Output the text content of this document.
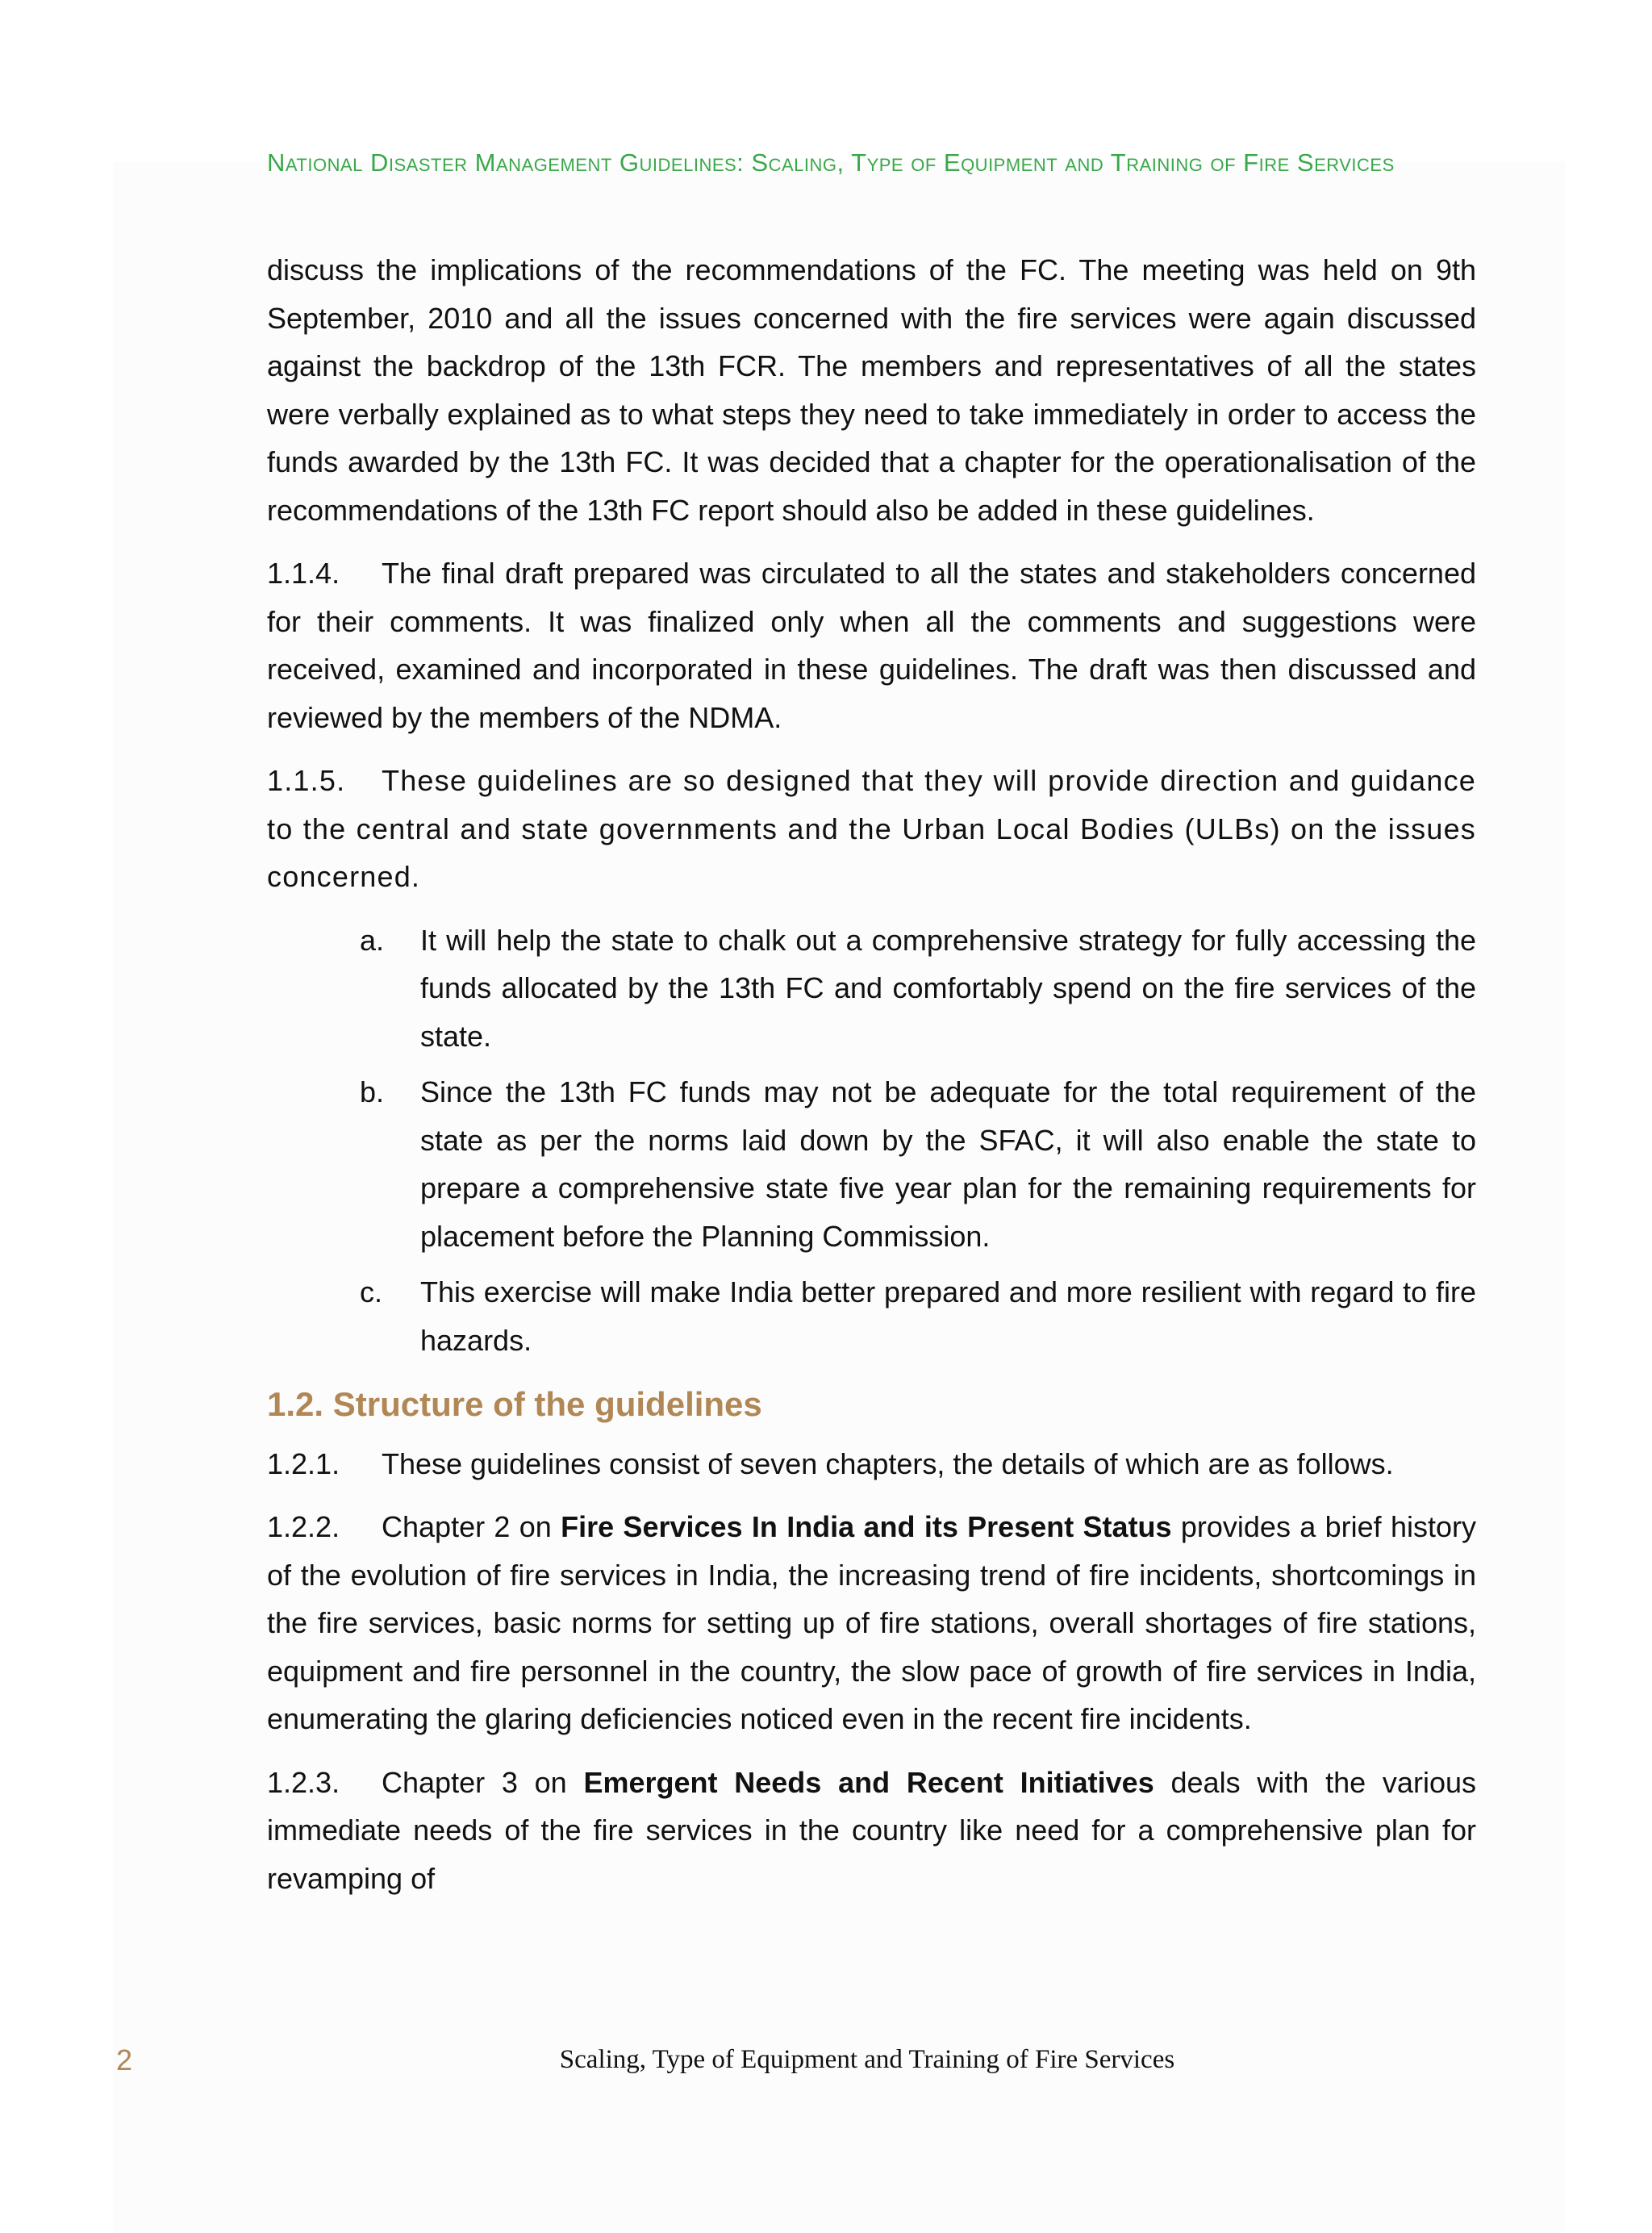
National Disaster Management Guidelines: Scaling, Type of Equipment and Training of Fire Services

discuss the implications of the recommendations of the FC. The meeting was held on 9th September, 2010 and all the issues concerned with the fire services were again discussed against the backdrop of the 13th FCR. The members and representatives of all the states were verbally explained as to what steps they need to take immediately in order to access the funds awarded by the 13th FC. It was decided that a chapter for the operationalisation of the recommendations of the 13th FC report should also be added in these guidelines.

1.1.4. The final draft prepared was circulated to all the states and stakeholders concerned for their comments. It was finalized only when all the comments and suggestions were received, examined and incorporated in these guidelines. The draft was then discussed and reviewed by the members of the NDMA.

1.1.5. These guidelines are so designed that they will provide direction and guidance to the central and state governments and the Urban Local Bodies (ULBs) on the issues concerned.

a. It will help the state to chalk out a comprehensive strategy for fully accessing the funds allocated by the 13th FC and comfortably spend on the fire services of the state.
b. Since the 13th FC funds may not be adequate for the total requirement of the state as per the norms laid down by the SFAC, it will also enable the state to prepare a comprehensive state five year plan for the remaining requirements for placement before the Planning Commission.
c. This exercise will make India better prepared and more resilient with regard to fire hazards.
1.2. Structure of the guidelines

1.2.1. These guidelines consist of seven chapters, the details of which are as follows.

1.2.2. Chapter 2 on Fire Services In India and its Present Status provides a brief history of the evolution of fire services in India, the increasing trend of fire incidents, shortcomings in the fire services, basic norms for setting up of fire stations, overall shortages of fire stations, equipment and fire personnel in the country, the slow pace of growth of fire services in India, enumerating the glaring deficiencies noticed even in the recent fire incidents.

1.2.3. Chapter 3 on Emergent Needs and Recent Initiatives deals with the various immediate needs of the fire services in the country like need for a comprehensive plan for revamping of

2	Scaling, Type of Equipment and Training of Fire Services
